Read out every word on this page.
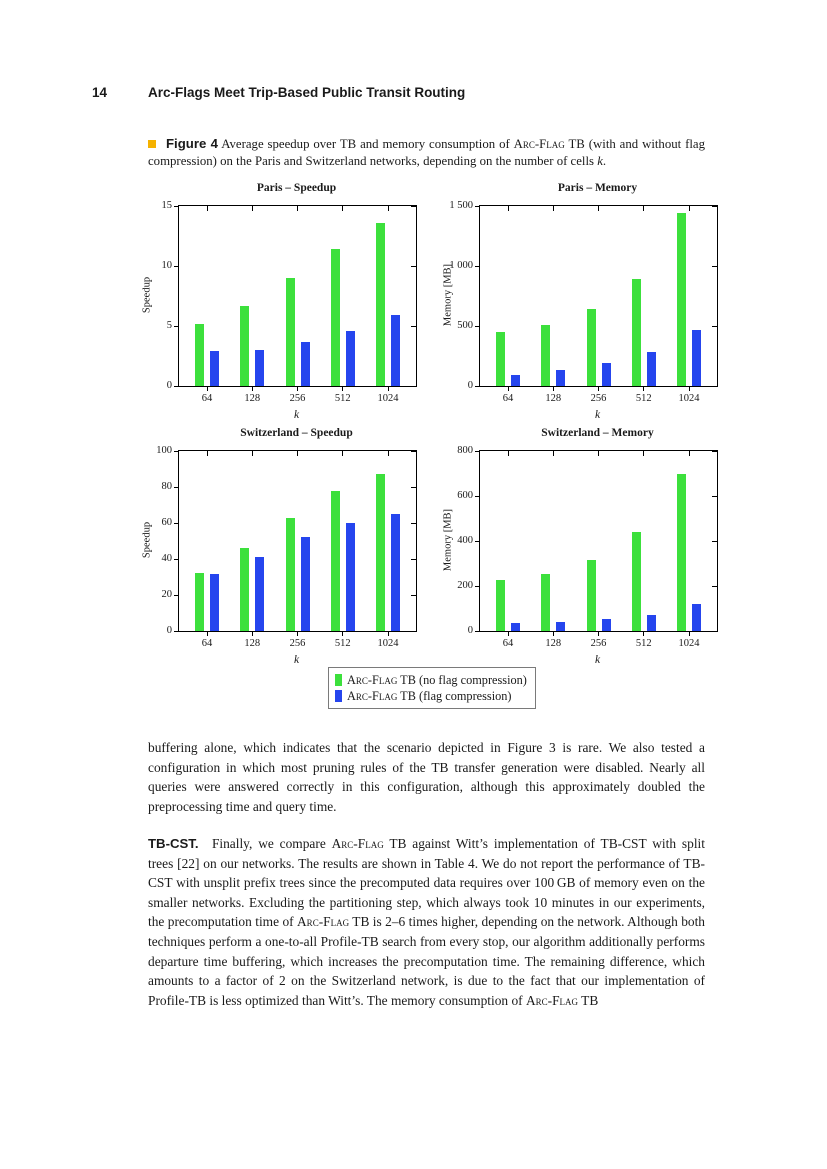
14	Arc-Flags Meet Trip-Based Public Transit Routing
Figure 4 Average speedup over TB and memory consumption of Arc-Flag TB (with and without flag compression) on the Paris and Switzerland networks, depending on the number of cells k.
Paris – Speedup
Speedup
0
5
10
15
64	128	256	512	1024
k
Paris – Memory
Memory [MB]
0
500
1 000
1 500
64	128	256	512	1024
k
Switzerland – Speedup
Speedup
0
20
40
60
80
100
64	128	256	512	1024
k
Switzerland – Memory
Memory [MB]
0
200
400
600
800
64	128	256	512	1024
k
Arc-Flag TB (no flag compression)
Arc-Flag TB (flag compression)
buffering alone, which indicates that the scenario depicted in Figure 3 is rare. We also tested a configuration in which most pruning rules of the TB transfer generation were disabled. Nearly all queries were answered correctly in this configuration, although this approximately doubled the preprocessing time and query time.
TB-CST. Finally, we compare Arc-Flag TB against Witt’s implementation of TB-CST with split trees [22] on our networks. The results are shown in Table 4. We do not report the performance of TB-CST with unsplit prefix trees since the precomputed data requires over 100 GB of memory even on the smaller networks. Excluding the partitioning step, which always took 10 minutes in our experiments, the precomputation time of Arc-Flag TB is 2–6 times higher, depending on the network. Although both techniques perform a one-to-all Profile-TB search from every stop, our algorithm additionally performs departure time buffering, which increases the precomputation time. The remaining difference, which amounts to a factor of 2 on the Switzerland network, is due to the fact that our implementation of Profile-TB is less optimized than Witt’s. The memory consumption of Arc-Flag TB
